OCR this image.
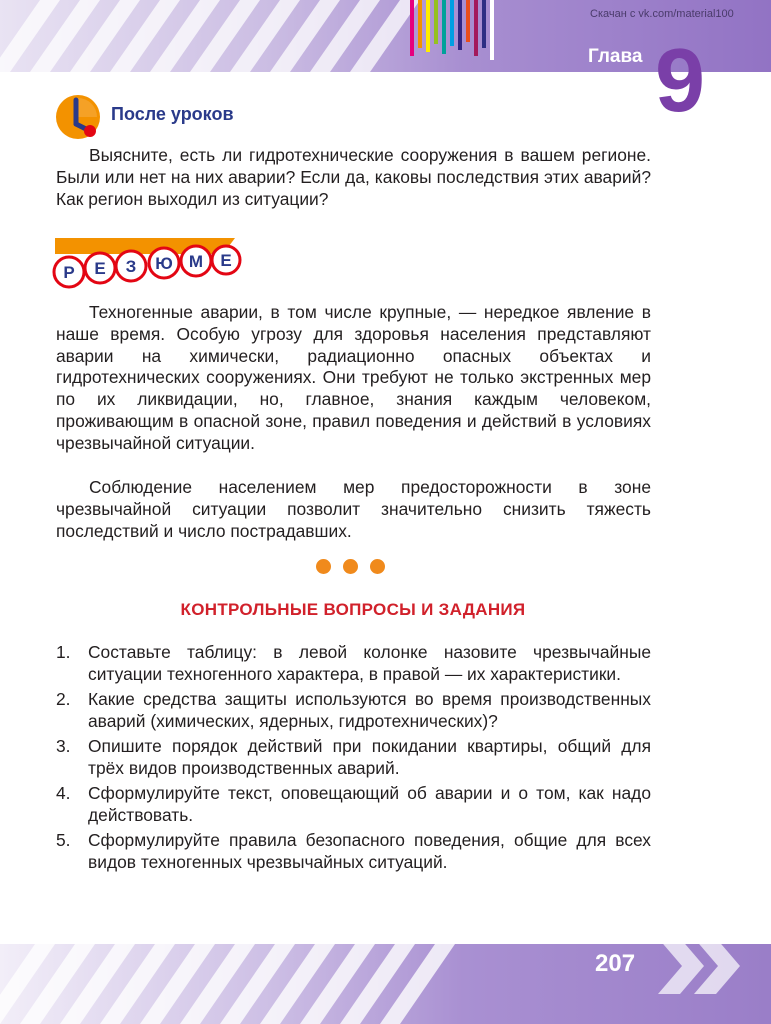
Скачан с vk.com/material100
Глава 9
После уроков

Выясните, есть ли гидротехнические сооружения в вашем регионе. Были или нет на них аварии? Если да, каковы последствия этих аварий? Как регион выходил из ситуации?

Р Е З Ю М Е

Техногенные аварии, в том числе крупные, — нередкое явление в наше время. Особую угрозу для здоровья населения представляют аварии на химически, радиационно опасных объектах и гидротехнических сооружениях. Они требуют не только экстренных мер по их ликвидации, но, главное, знания каждым человеком, проживающим в опасной зоне, правил поведения и действий в условиях чрезвычайной ситуации.

Соблюдение населением мер предосторожности в зоне чрезвычайной ситуации позволит значительно снизить тяжесть последствий и число пострадавших.

КОНТРОЛЬНЫЕ ВОПРОСЫ И ЗАДАНИЯ
1. Составьте таблицу: в левой колонке назовите чрезвычайные ситуации техногенного характера, в правой — их характеристики.
2. Какие средства защиты используются во время производственных аварий (химических, ядерных, гидротехнических)?
3. Опишите порядок действий при покидании квартиры, общий для трёх видов производственных аварий.
4. Сформулируйте текст, оповещающий об аварии и о том, как надо действовать.
5. Сформулируйте правила безопасного поведения, общие для всех видов техногенных чрезвычайных ситуаций.
207
